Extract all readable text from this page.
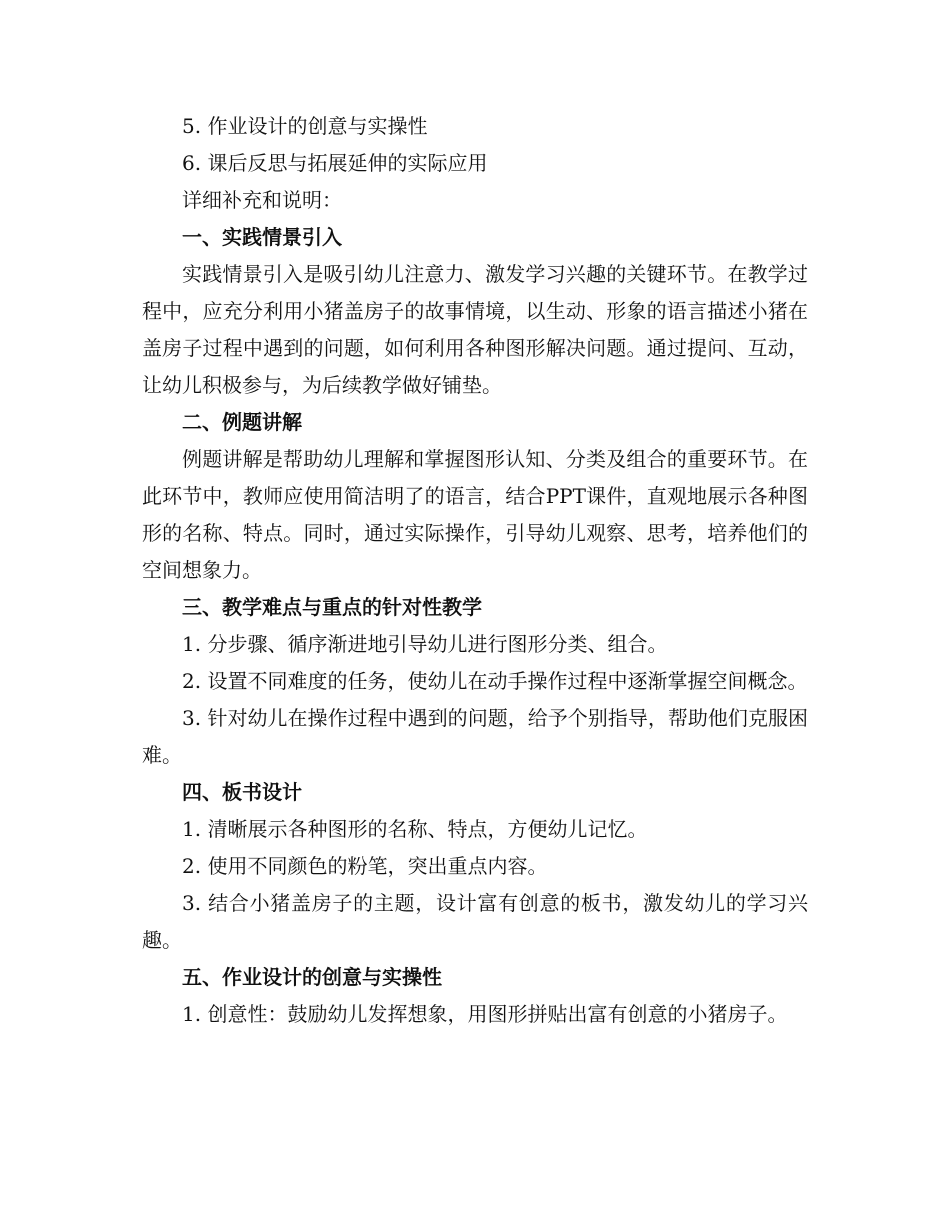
5. 作业设计的创意与实操性

6. 课后反思与拓展延伸的实际应用

详细补充和说明：

一、实践情景引入

实践情景引入是吸引幼儿注意力、激发学习兴趣的关键环节。在教学过程中，应充分利用小猪盖房子的故事情境，以生动、形象的语言描述小猪在盖房子过程中遇到的问题，如何利用各种图形解决问题。通过提问、互动，让幼儿积极参与，为后续教学做好铺垫。

二、例题讲解

例题讲解是帮助幼儿理解和掌握图形认知、分类及组合的重要环节。在此环节中，教师应使用简洁明了的语言，结合PPT课件，直观地展示各种图形的名称、特点。同时，通过实际操作，引导幼儿观察、思考，培养他们的空间想象力。

三、教学难点与重点的针对性教学

1. 分步骤、循序渐进地引导幼儿进行图形分类、组合。

2. 设置不同难度的任务，使幼儿在动手操作过程中逐渐掌握空间概念。

3. 针对幼儿在操作过程中遇到的问题，给予个别指导，帮助他们克服困难。

四、板书设计

1. 清晰展示各种图形的名称、特点，方便幼儿记忆。

2. 使用不同颜色的粉笔，突出重点内容。

3. 结合小猪盖房子的主题，设计富有创意的板书，激发幼儿的学习兴趣。

五、作业设计的创意与实操性

1. 创意性：鼓励幼儿发挥想象，用图形拼贴出富有创意的小猪房子。
